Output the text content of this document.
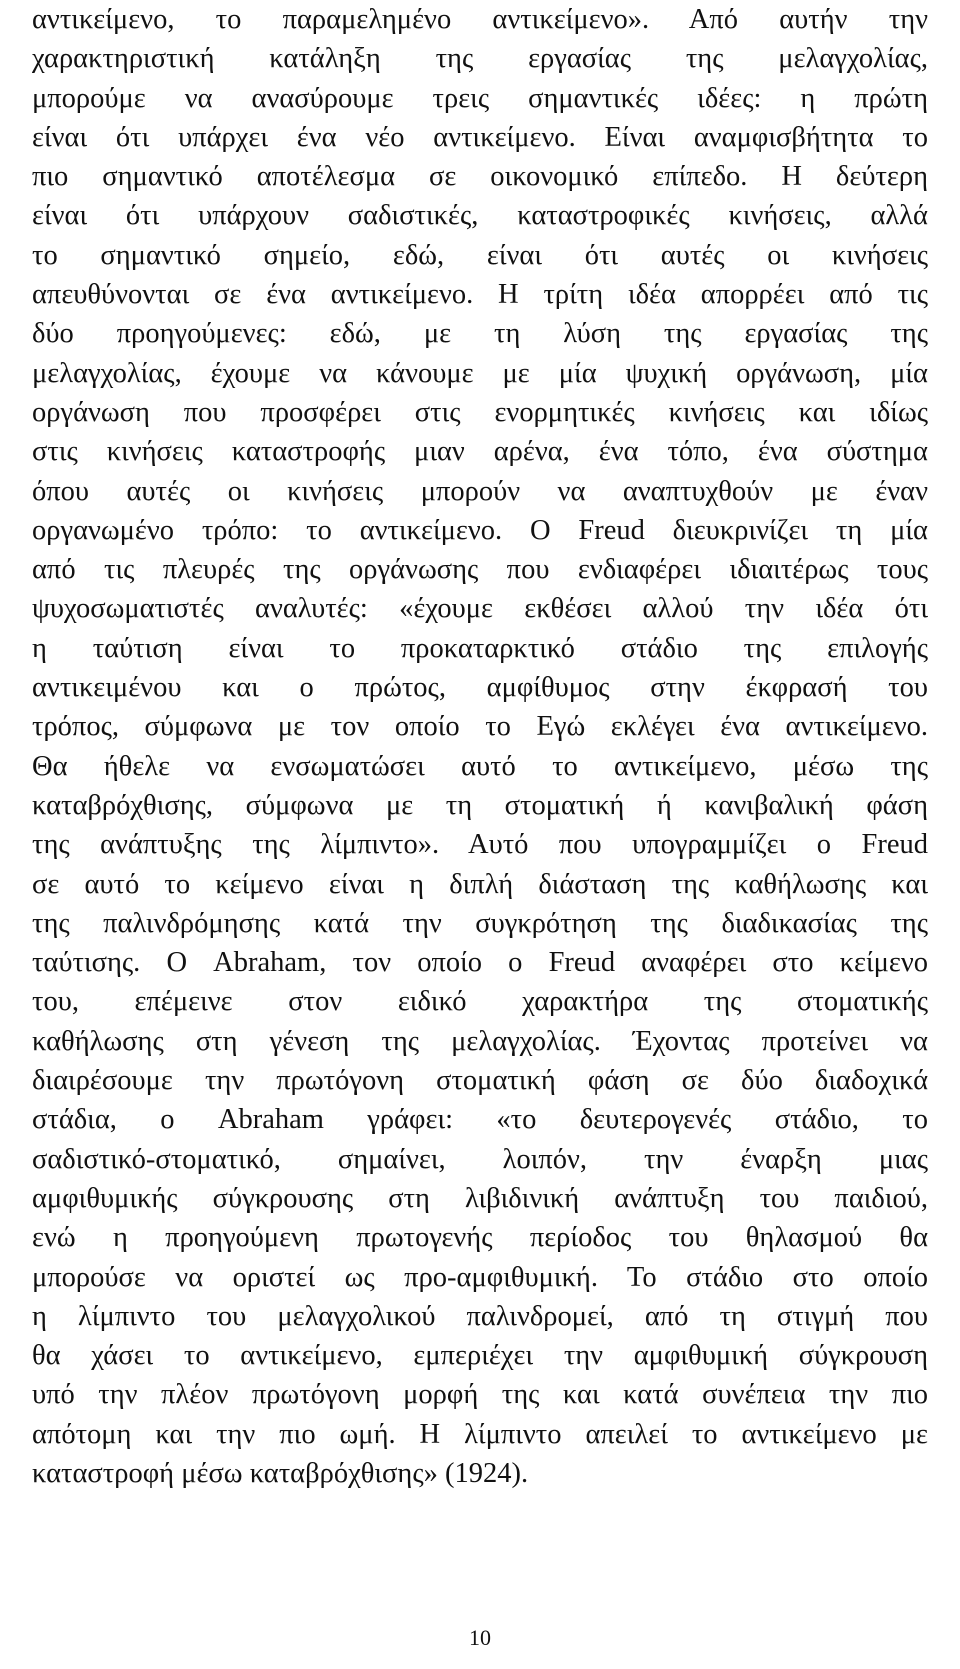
αντικείμενο, το παραμελημένο αντικείμενο». Από αυτήν την
χαρακτηριστική κατάληξη της εργασίας της μελαγχολίας,
μπορούμε να ανασύρουμε τρεις σημαντικές ιδέες: η πρώτη
είναι ότι υπάρχει ένα νέο αντικείμενο. Είναι αναμφισβήτητα το
πιο σημαντικό αποτέλεσμα σε οικονομικό επίπεδο. Η δεύτερη
είναι ότι υπάρχουν σαδιστικές, καταστροφικές κινήσεις, αλλά
το σημαντικό σημείο, εδώ, είναι ότι αυτές οι κινήσεις
απευθύνονται σε ένα αντικείμενο. Η τρίτη ιδέα απορρέει από τις
δύο προηγούμενες: εδώ, με τη λύση της εργασίας της
μελαγχολίας, έχουμε να κάνουμε με μία ψυχική οργάνωση, μία
οργάνωση που προσφέρει στις ενορμητικές κινήσεις και ιδίως
στις κινήσεις καταστροφής μιαν αρένα, ένα τόπο, ένα σύστημα
όπου αυτές οι κινήσεις μπορούν να αναπτυχθούν με έναν
οργανωμένο τρόπο: το αντικείμενο. Ο Freud διευκρινίζει τη μία
από τις πλευρές της οργάνωσης που ενδιαφέρει ιδιαιτέρως τους
ψυχοσωματιστές αναλυτές: «έχουμε εκθέσει αλλού την ιδέα ότι
η ταύτιση είναι το προκαταρκτικό στάδιο της επιλογής
αντικειμένου και ο πρώτος, αμφίθυμος στην έκφρασή του
τρόπος, σύμφωνα με τον οποίο το Εγώ εκλέγει ένα αντικείμενο.
Θα ήθελε να ενσωματώσει αυτό το αντικείμενο, μέσω της
καταβρόχθισης, σύμφωνα με τη στοματική ή κανιβαλική φάση
της ανάπτυξης της λίμπιντο». Αυτό που υπογραμμίζει ο Freud
σε αυτό το κείμενο είναι η διπλή διάσταση της καθήλωσης και
της παλινδρόμησης κατά την συγκρότηση της διαδικασίας της
ταύτισης. Ο Abraham, τον οποίο ο Freud αναφέρει στο κείμενο
του, επέμεινε στον ειδικό χαρακτήρα της στοματικής
καθήλωσης στη γένεση της μελαγχολίας. Έχοντας προτείνει να
διαιρέσουμε την πρωτόγονη στοματική φάση σε δύο διαδοχικά
στάδια, ο Abraham γράφει: «το δευτερογενές στάδιο, το
σαδιστικό-στοματικό, σημαίνει, λοιπόν, την έναρξη μιας
αμφιθυμικής σύγκρουσης στη λιβιδινική ανάπτυξη του παιδιού,
ενώ η προηγούμενη πρωτογενής περίοδος του θηλασμού θα
μπορούσε να οριστεί ως προ-αμφιθυμική. Το στάδιο στο οποίο
η λίμπιντο του μελαγχολικού παλινδρομεί, από τη στιγμή που
θα χάσει το αντικείμενο, εμπεριέχει την αμφιθυμική σύγκρουση
υπό την πλέον πρωτόγονη μορφή της και κατά συνέπεια την πιο
απότομη και την πιο ωμή. Η λίμπιντο απειλεί το αντικείμενο με
καταστροφή μέσω καταβρόχθισης» (1924).
10
